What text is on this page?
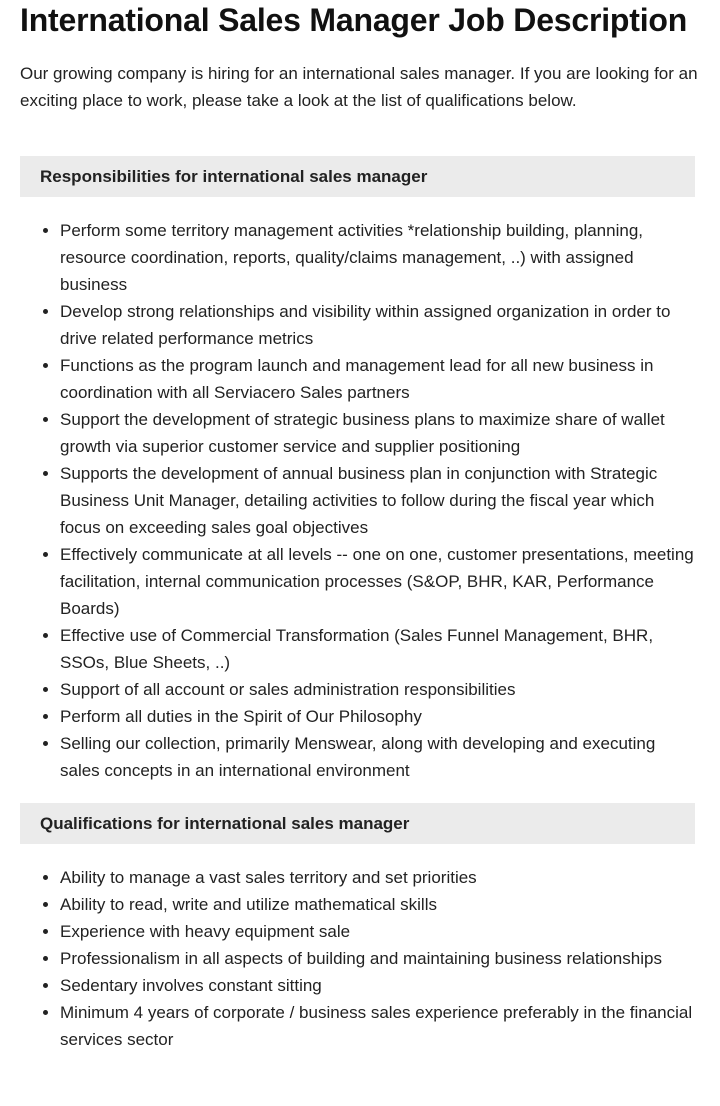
International Sales Manager Job Description

Our growing company is hiring for an international sales manager. If you are looking for an exciting place to work, please take a look at the list of qualifications below.

Responsibilities for international sales manager
• Perform some territory management activities *relationship building, planning, resource coordination, reports, quality/claims management, ..) with assigned business
• Develop strong relationships and visibility within assigned organization in order to drive related performance metrics
• Functions as the program launch and management lead for all new business in coordination with all Serviacero Sales partners
• Support the development of strategic business plans to maximize share of wallet growth via superior customer service and supplier positioning
• Supports the development of annual business plan in conjunction with Strategic Business Unit Manager, detailing activities to follow during the fiscal year which focus on exceeding sales goal objectives
• Effectively communicate at all levels -- one on one, customer presentations, meeting facilitation, internal communication processes (S&OP, BHR, KAR, Performance Boards)
• Effective use of Commercial Transformation (Sales Funnel Management, BHR, SSOs, Blue Sheets, ..)
• Support of all account or sales administration responsibilities
• Perform all duties in the Spirit of Our Philosophy
• Selling our collection, primarily Menswear, along with developing and executing sales concepts in an international environment
Qualifications for international sales manager
• Ability to manage a vast sales territory and set priorities
• Ability to read, write and utilize mathematical skills
• Experience with heavy equipment sale
• Professionalism in all aspects of building and maintaining business relationships
• Sedentary involves constant sitting
• Minimum 4 years of corporate / business sales experience preferably in the financial services sector
